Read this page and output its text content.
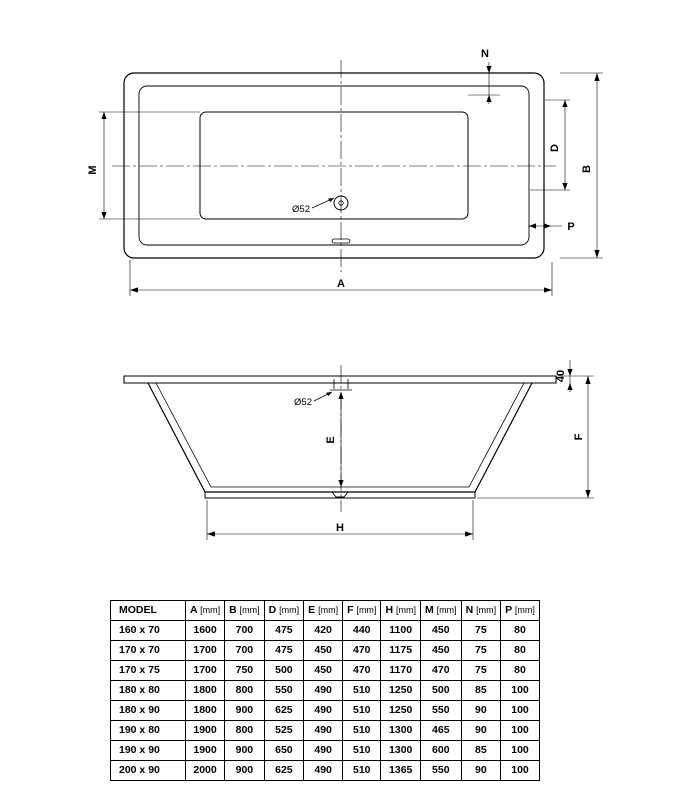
M
A
B
D
N
P
Ø52
E	F
H
40
Ø52
MODEL	A [mm]	B [mm]	D [mm]	E [mm]	F [mm]	H [mm]	M [mm]	N [mm]	P [mm]
160 x 70	1600	700	475	420	440	1100	450	75	80
170 x 70	1700	700	475	450	470	1175	450	75	80
170 x 75	1700	750	500	450	470	1170	470	75	80
180 x 80	1800	800	550	490	510	1250	500	85	100
180 x 90	1800	900	625	490	510	1250	550	90	100
190 x 80	1900	800	525	490	510	1300	465	90	100
190 x 90	1900	900	650	490	510	1300	600	85	100
200 x 90	2000	900	625	490	510	1365	550	90	100
